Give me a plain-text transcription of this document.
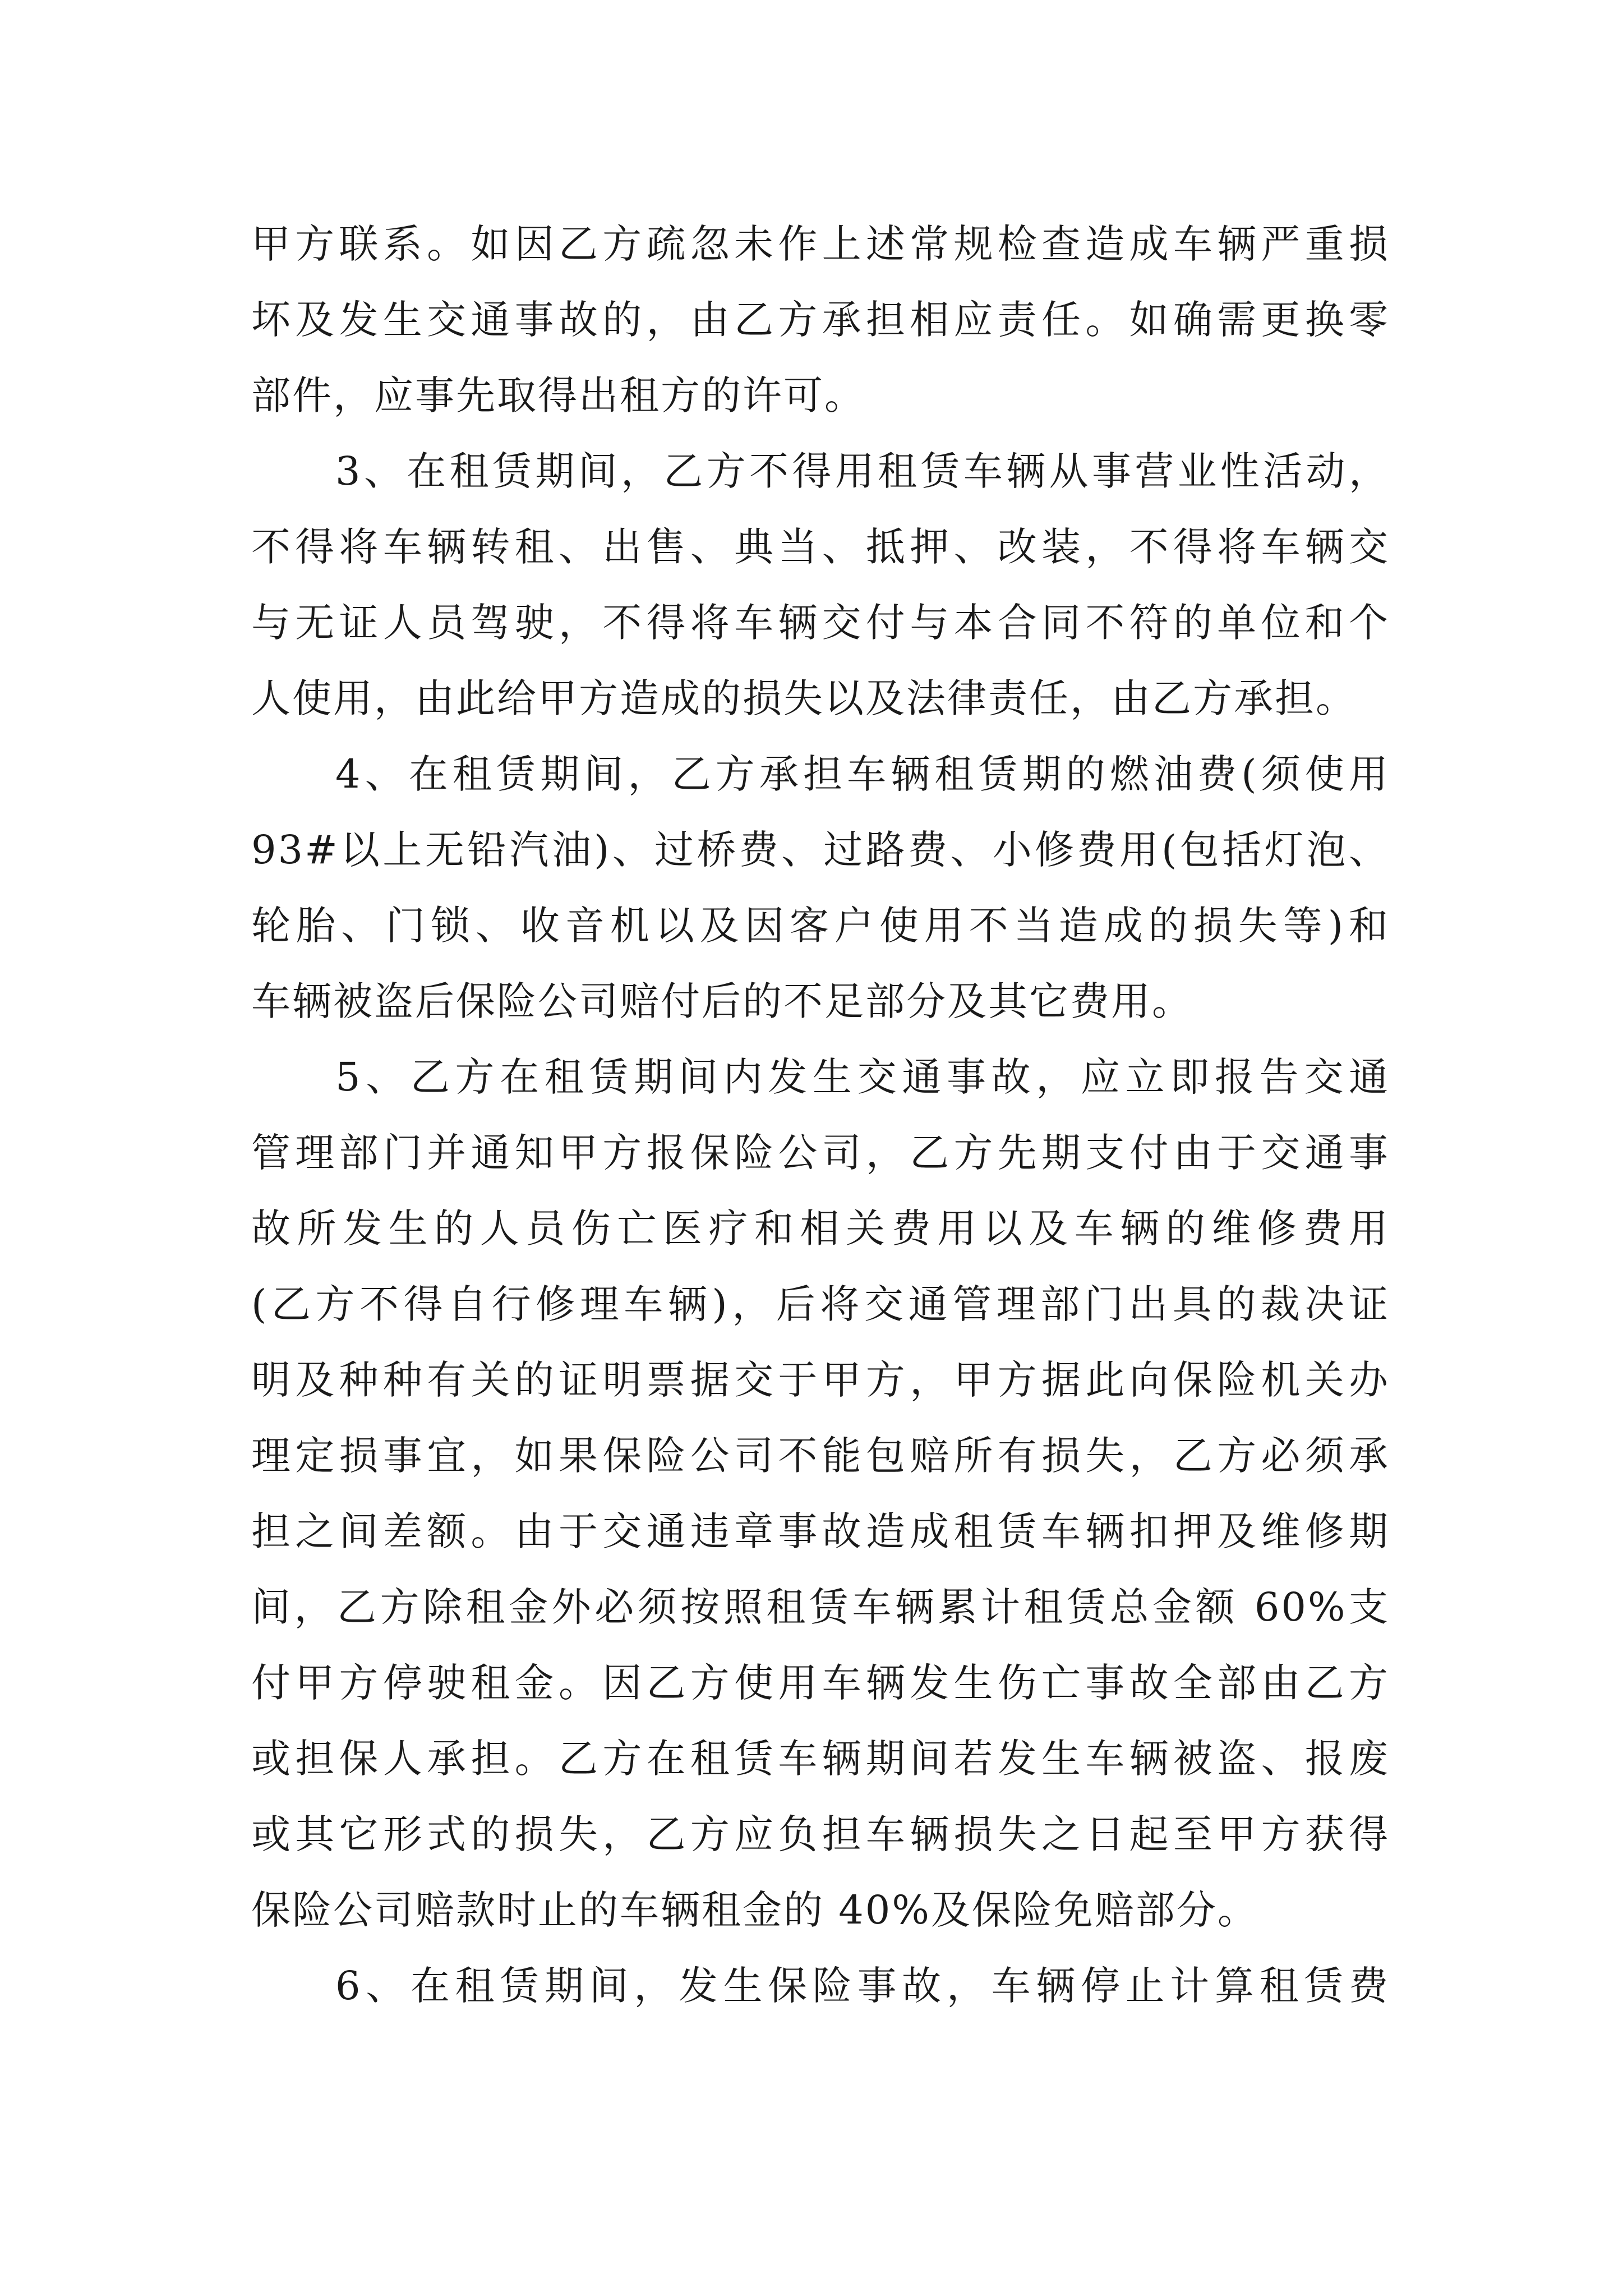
甲方联系。如因乙方疏忽未作上述常规检查造成车辆严重损
坏及发生交通事故的，由乙方承担相应责任。如确需更换零
部件，应事先取得出租方的许可。
3、在租赁期间，乙方不得用租赁车辆从事营业性活动，
不得将车辆转租、出售、典当、抵押、改装，不得将车辆交
与无证人员驾驶，不得将车辆交付与本合同不符的单位和个
人使用，由此给甲方造成的损失以及法律责任，由乙方承担。
4、在租赁期间，乙方承担车辆租赁期的燃油费(须使用
93#以上无铅汽油)、过桥费、过路费、小修费用(包括灯泡、
轮胎、门锁、收音机以及因客户使用不当造成的损失等)和
车辆被盗后保险公司赔付后的不足部分及其它费用。
5、乙方在租赁期间内发生交通事故，应立即报告交通
管理部门并通知甲方报保险公司，乙方先期支付由于交通事
故所发生的人员伤亡医疗和相关费用以及车辆的维修费用
(乙方不得自行修理车辆)，后将交通管理部门出具的裁决证
明及种种有关的证明票据交于甲方，甲方据此向保险机关办
理定损事宜，如果保险公司不能包赔所有损失，乙方必须承
担之间差额。由于交通违章事故造成租赁车辆扣押及维修期
间，乙方除租金外必须按照租赁车辆累计租赁总金额 60%支
付甲方停驶租金。因乙方使用车辆发生伤亡事故全部由乙方
或担保人承担。乙方在租赁车辆期间若发生车辆被盗、报废
或其它形式的损失，乙方应负担车辆损失之日起至甲方获得
保险公司赔款时止的车辆租金的 40%及保险免赔部分。
6、在租赁期间，发生保险事故，车辆停止计算租赁费
